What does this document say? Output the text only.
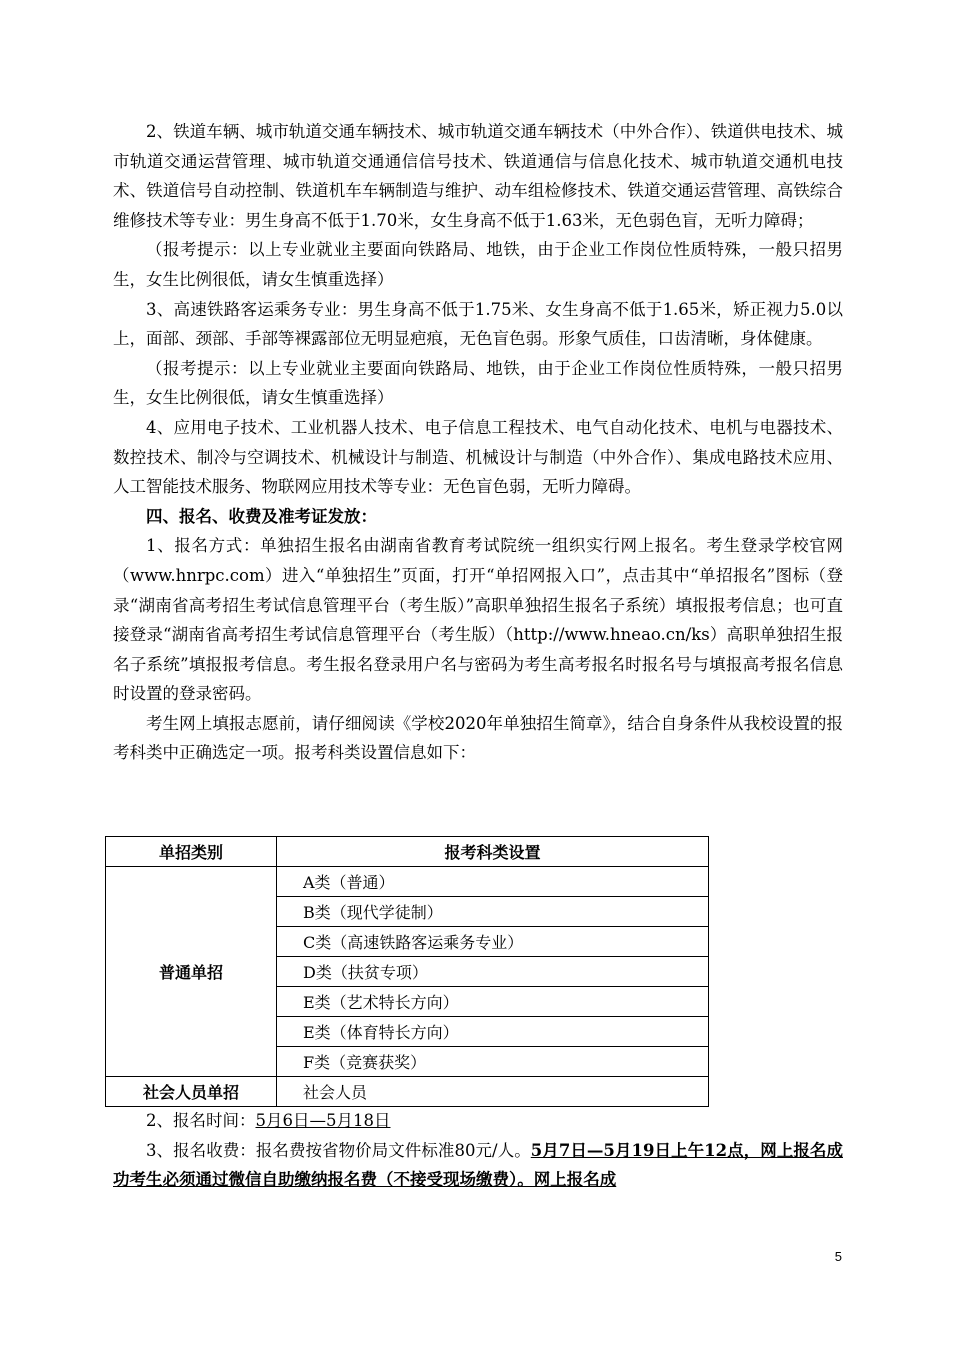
2、铁道车辆、城市轨道交通车辆技术、城市轨道交通车辆技术（中外合作）、铁道供电技术、城市轨道交通运营管理、城市轨道交通通信信号技术、铁道通信与信息化技术、城市轨道交通机电技术、铁道信号自动控制、铁道机车车辆制造与维护、动车组检修技术、铁道交通运营管理、高铁综合维修技术等专业：男生身高不低于1.70米，女生身高不低于1.63米，无色弱色盲，无听力障碍；

（报考提示：以上专业就业主要面向铁路局、地铁，由于企业工作岗位性质特殊，一般只招男生，女生比例很低，请女生慎重选择）

3、高速铁路客运乘务专业：男生身高不低于1.75米、女生身高不低于1.65米，矫正视力5.0以上，面部、颈部、手部等裸露部位无明显疤痕，无色盲色弱。形象气质佳，口齿清晰，身体健康。

（报考提示：以上专业就业主要面向铁路局、地铁，由于企业工作岗位性质特殊，一般只招男生，女生比例很低，请女生慎重选择）

4、应用电子技术、工业机器人技术、电子信息工程技术、电气自动化技术、电机与电器技术、数控技术、制冷与空调技术、机械设计与制造、机械设计与制造（中外合作）、集成电路技术应用、人工智能技术服务、物联网应用技术等专业：无色盲色弱，无听力障碍。

四、报名、收费及准考证发放：

1、报名方式：单独招生报名由湖南省教育考试院统一组织实行网上报名。考生登录学校官网（www.hnrpc.com）进入“单独招生”页面，打开“单招网报入口”，点击其中“单招报名”图标（登录“湖南省高考招生考试信息管理平台（考生版）”高职单独招生报名子系统）填报报考信息；也可直接登录“湖南省高考招生考试信息管理平台（考生版）（http://www.hneao.cn/ks）高职单独招生报名子系统”填报报考信息。考生报名登录用户名与密码为考生高考报名时报名号与填报高考报名信息时设置的登录密码。

考生网上填报志愿前，请仔细阅读《学校2020年单独招生简章》，结合自身条件从我校设置的报考科类中正确选定一项。报考科类设置信息如下：

单招类别	报考科类设置
普通单招	A类（普通）
	B类（现代学徒制）
	C类（高速铁路客运乘务专业）
	D类（扶贫专项）
	E类（艺术特长方向）
	E类（体育特长方向）
	F类（竞赛获奖）
社会人员单招	社会人员

2、报名时间：5月6日—5月18日

3、报名收费：报名费按省物价局文件标准80元/人。5月7日—5月19日上午12点，网上报名成功考生必须通过微信自助缴纳报名费（不接受现场缴费）。网上报名成

5
